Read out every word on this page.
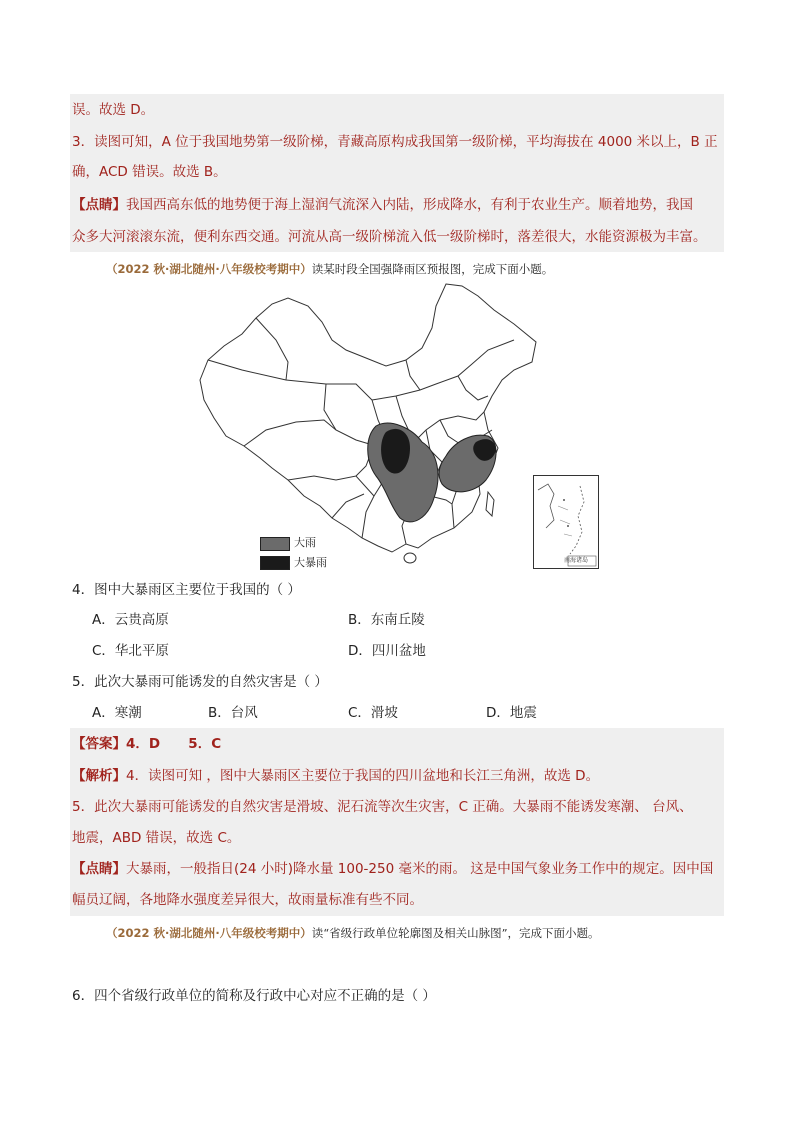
误。故选 D。
3．读图可知，A 位于我国地势第一级阶梯，青藏高原构成我国第一级阶梯，平均海拔在 4000 米以上，B 正
确，ACD 错误。故选 B。
【点睛】我国西高东低的地势便于海上湿润气流深入内陆，形成降水，有利于农业生产。顺着地势，我国
众多大河滚滚东流，便利东西交通。河流从高一级阶梯流入低一级阶梯时，落差很大，水能资源极为丰富。
（2022 秋·湖北随州·八年级校考期中）读某时段全国强降雨区预报图，完成下面小题。
南海诸岛
大雨
大暴雨
4．图中大暴雨区主要位于我国的（ ）
A．云贵高原	B．东南丘陵
C．华北平原	D．四川盆地
5．此次大暴雨可能诱发的自然灾害是（ ）
A．寒潮	B．台风	C．滑坡	D．地震
【答案】4．D      5．C
【解析】4．读图可知 ，图中大暴雨区主要位于我国的四川盆地和长江三角洲，故选 D。
5．此次大暴雨可能诱发的自然灾害是滑坡、泥石流等次生灾害，C 正确。大暴雨不能诱发寒潮、 台风、
地震，ABD 错误，故选 C。
【点睛】大暴雨，一般指日(24 小时)降水量 100-250 毫米的雨。 这是中国气象业务工作中的规定。因中国
幅员辽阔，各地降水强度差异很大，故雨量标准有些不同。
（2022 秋·湖北随州·八年级校考期中）读“省级行政单位轮廓图及相关山脉图”，完成下面小题。
6．四个省级行政单位的简称及行政中心对应不正确的是（ ）
